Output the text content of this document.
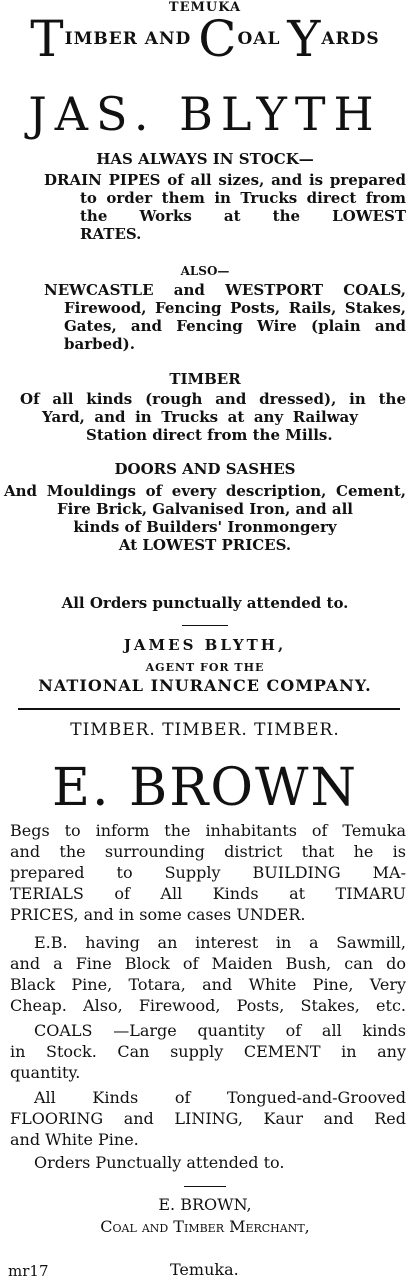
TEMUKA
TIMBER AND COAL YARDS
JAS. BLYTH
HAS ALWAYS IN STOCK—
DRAIN PIPES of all sizes, and is prepared
to order them in Trucks direct from
the Works at the LOWEST
RATES.
ALSO—
NEWCASTLE and WESTPORT COALS,
Firewood, Fencing Posts, Rails, Stakes,
Gates, and Fencing Wire (plain and
barbed).
TIMBER
Of all kinds (rough and dressed), in the
Yard, and in Trucks at any Railway
Station direct from the Mills.
DOORS AND SASHES
And Mouldings of every description, Cement,
Fire Brick, Galvanised Iron, and all
kinds of Builders' Ironmongery
At LOWEST PRICES.
All Orders punctually attended to.
JAMES BLYTH,
AGENT FOR THE
NATIONAL INURANCE COMPANY.
TIMBER. TIMBER. TIMBER.
E. BROWN
Begs to inform the inhabitants of Temuka
and the surrounding district that he is
prepared to Supply BUILDING MA-
TERIALS of All Kinds at TIMARU
PRICES, and in some cases UNDER.
E.B. having an interest in a Sawmill,
and a Fine Block of Maiden Bush, can do
Black Pine, Totara, and White Pine, Very
Cheap. Also, Firewood, Posts, Stakes, etc.
COALS —Large quantity of all kinds
in Stock. Can supply CEMENT in any
quantity.
All Kinds of Tongued-and-Grooved
FLOORING and LINING, Kaur and Red
and White Pine.
Orders Punctually attended to.
E. BROWN,
Coal and Timber Merchant,
Temuka.
mr17
